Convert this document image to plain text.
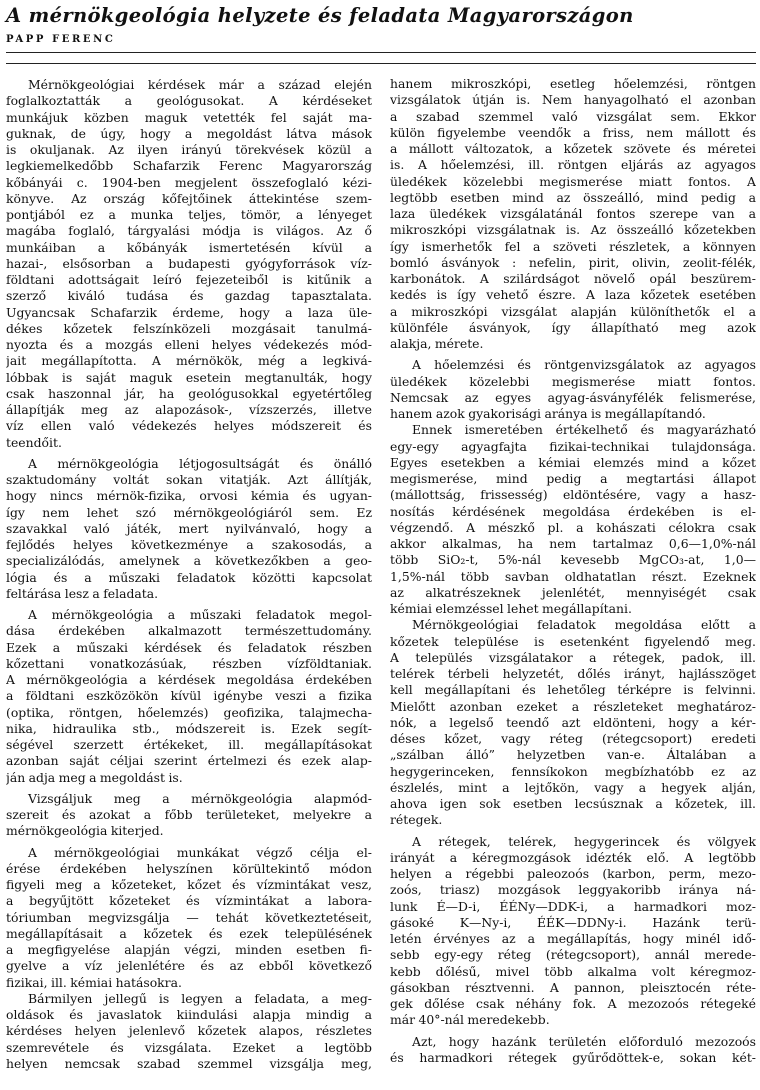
A mérnökgeológia helyzete és feladata Magyarországon
PAPP FERENC
Mérnökgeológiai kérdések már a század elején
foglalkoztatták a geológusokat. A kérdéseket
munkájuk közben maguk vetették fel saját ma-
guknak, de úgy, hogy a megoldást látva mások
is okuljanak. Az ilyen irányú törekvések közül a
legkiemelkedőbb Schafarzik Ferenc Magyarország
kőbányái c. 1904-ben megjelent összefoglaló kézi-
könyve. Az ország kőfejtőinek áttekintése szem-
pontjából ez a munka teljes, tömör, a lényeget
magába foglaló, tárgyalási módja is világos. Az ő
munkáiban a kőbányák ismertetésén kívül a
hazai-, elsősorban a budapesti gyógyforrások víz-
földtani adottságait leíró fejezeteiből is kitűnik a
szerző kiváló tudása és gazdag tapasztalata.
Ugyancsak Schafarzik érdeme, hogy a laza üle-
dékes kőzetek felszínközeli mozgásait tanulmá-
nyozta és a mozgás elleni helyes védekezés mód-
jait megállapította. A mérnökök, még a legkivá-
lóbbak is saját maguk esetein megtanulták, hogy
csak haszonnal jár, ha geológusokkal egyetértőleg
állapítják meg az alapozások-, vízszerzés, illetve
víz ellen való védekezés helyes módszereit és
teendőit.
A mérnökgeológia létjogosultságát és önálló
szaktudomány voltát sokan vitatják. Azt állítják,
hogy nincs mérnök-fizika, orvosi kémia és ugyan-
így nem lehet szó mérnökgeológiáról sem. Ez
szavakkal való játék, mert nyilvánvaló, hogy a
fejlődés helyes következménye a szakosodás, a
specializálódás, amelynek a következőkben a geo-
lógia és a műszaki feladatok közötti kapcsolat
feltárása lesz a feladata.
A mérnökgeológia a műszaki feladatok megol-
dása érdekében alkalmazott természettudomány.
Ezek a műszaki kérdések és feladatok részben
kőzettani vonatkozásúak, részben vízföldtaniak.
A mérnökgeológia a kérdések megoldása érdekében
a földtani eszközökön kívül igénybe veszi a fizika
(optika, röntgen, hőelemzés) geofizika, talajmecha-
nika, hidraulika stb., módszereit is. Ezek segít-
ségével szerzett értékeket, ill. megállapításokat
azonban saját céljai szerint értelmezi és ezek alap-
ján adja meg a megoldást is.
Vizsgáljuk meg a mérnökgeológia alapmód-
szereit és azokat a főbb területeket, melyekre a
mérnökgeológia kiterjed.
A mérnökgeológiai munkákat végző célja el-
érése érdekében helyszínen körültekintő módon
figyeli meg a kőzeteket, kőzet és vízmintákat vesz,
a begyűjtött kőzeteket és vízmintákat a labora-
tóriumban megvizsgálja — tehát következtetéseit,
megállapításait a kőzetek és ezek településének
a megfigyelése alapján végzi, minden esetben fi-
gyelve a víz jelenlétére és az ebből következő
fizikai, ill. kémiai hatásokra.
Bármilyen jellegű is legyen a feladata, a meg-
oldások és javaslatok kiindulási alapja mindig a
kérdéses helyen jelenlevő kőzetek alapos, részletes
szemrevétele és vizsgálata. Ezeket a legtöbb
helyen nemcsak szabad szemmel vizsgálja meg,
hanem mikroszkópi, esetleg hőelemzési, röntgen
vizsgálatok útján is. Nem hanyagolható el azonban
a szabad szemmel való vizsgálat sem. Ekkor
külön figyelembe veendők a friss, nem mállott és
a mállott változatok, a kőzetek szövete és méretei
is. A hőelemzési, ill. röntgen eljárás az agyagos
üledékek közelebbi megismerése miatt fontos. A
legtöbb esetben mind az összeálló, mind pedig a
laza üledékek vizsgálatánál fontos szerepe van a
mikroszkópi vizsgálatnak is. Az összeálló kőzetekben
így ismerhetők fel a szöveti részletek, a könnyen
bomló ásványok : nefelin, pirit, olivin, zeolit-félék,
karbonátok. A szilárdságot növelő opál beszürem-
kedés is így vehető észre. A laza kőzetek esetében
a mikroszkópi vizsgálat alapján különíthetők el a
különféle ásványok, így állapítható meg azok
alakja, mérete.
A hőelemzési és röntgenvizsgálatok az agyagos
üledékek közelebbi megismerése miatt fontos.
Nemcsak az egyes agyag-ásványfélék felismerése,
hanem azok gyakorisági aránya is megállapítandó.
Ennek ismeretében értékelhető és magyarázható
egy-egy agyagfajta fizikai-technikai tulajdonsága.
Egyes esetekben a kémiai elemzés mind a kőzet
megismerése, mind pedig a megtartási állapot
(mállottság, frissesség) eldöntésére, vagy a hasz-
nosítás kérdésének megoldása érdekében is el-
végzendő. A mészkő pl. a kohászati célokra csak
akkor alkalmas, ha nem tartalmaz 0,6—1,0%-nál
több SiO₂-t, 5%-nál kevesebb MgCO₃-at, 1,0—
1,5%-nál több savban oldhatatlan részt. Ezeknek
az alkatrészeknek jelenlétét, mennyiségét csak
kémiai elemzéssel lehet megállapítani.
Mérnökgeológiai feladatok megoldása előtt a
kőzetek települése is esetenként figyelendő meg.
A település vizsgálatakor a rétegek, padok, ill.
telérek térbeli helyzetét, dőlés irányt, hajlásszöget
kell megállapítani és lehetőleg térképre is felvinni.
Mielőtt azonban ezeket a részleteket meghatároz-
nók, a legelső teendő azt eldönteni, hogy a kér-
déses kőzet, vagy réteg (rétegcsoport) eredeti
„szálban álló” helyzetben van-e. Általában a
hegygerinceken, fennsíkokon megbízhatóbb ez az
észlelés, mint a lejtőkön, vagy a hegyek alján,
ahova igen sok esetben lecsúsznak a kőzetek, ill.
rétegek.
A rétegek, telérek, hegygerincek és völgyek
irányát a kéregmozgások idézték elő. A legtöbb
helyen a régebbi paleozoós (karbon, perm, mezo-
zoós, triasz) mozgások leggyakoribb iránya ná-
lunk É—D-i, ÉÉNy—DDK-i, a harmadkori moz-
gásoké K—Ny-i, ÉÉK—DDNy-i. Hazánk terü-
letén érvényes az a megállapítás, hogy minél idő-
sebb egy-egy réteg (rétegcsoport), annál merede-
kebb dőlésű, mivel több alkalma volt kéregmoz-
gásokban résztvenni. A pannon, pleisztocén réte-
gek dőlése csak néhány fok. A mezozoós rétegeké
már 40°-nál meredekebb.
Azt, hogy hazánk területén előforduló mezozoós
és harmadkori rétegek gyűrődöttek-e, sokan két-
